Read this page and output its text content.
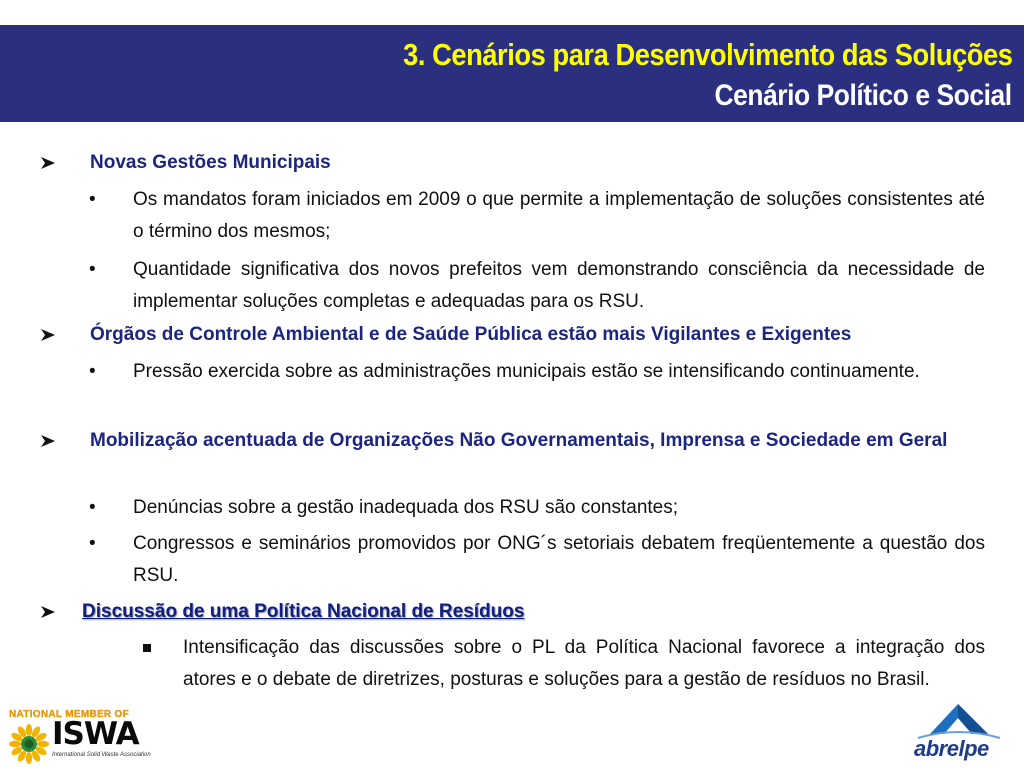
3. Cenários para Desenvolvimento das Soluções
Cenário Político e Social
Novas Gestões Municipais
• Os mandatos foram iniciados em 2009 o que permite a implementação de soluções consistentes até o término dos mesmos;
• Quantidade significativa dos novos prefeitos vem demonstrando consciência da necessidade de implementar soluções completas e adequadas para os RSU.
Órgãos de Controle Ambiental e de Saúde Pública estão mais Vigilantes e Exigentes
• Pressão exercida sobre as administrações municipais estão se intensificando continuamente.
Mobilização acentuada de Organizações Não Governamentais, Imprensa e Sociedade em Geral
• Denúncias sobre a gestão inadequada dos RSU são constantes;
• Congressos e seminários promovidos por ONG´s setoriais debatem freqüentemente a questão dos RSU.
Discussão de uma Política Nacional de Resíduos
Intensificação das discussões sobre o PL da Política Nacional favorece a integração dos atores e o debate de diretrizes, posturas e soluções para a gestão de resíduos no Brasil.
NATIONAL MEMBER OF
ISWA
International Solid Waste Association	abrelpe
